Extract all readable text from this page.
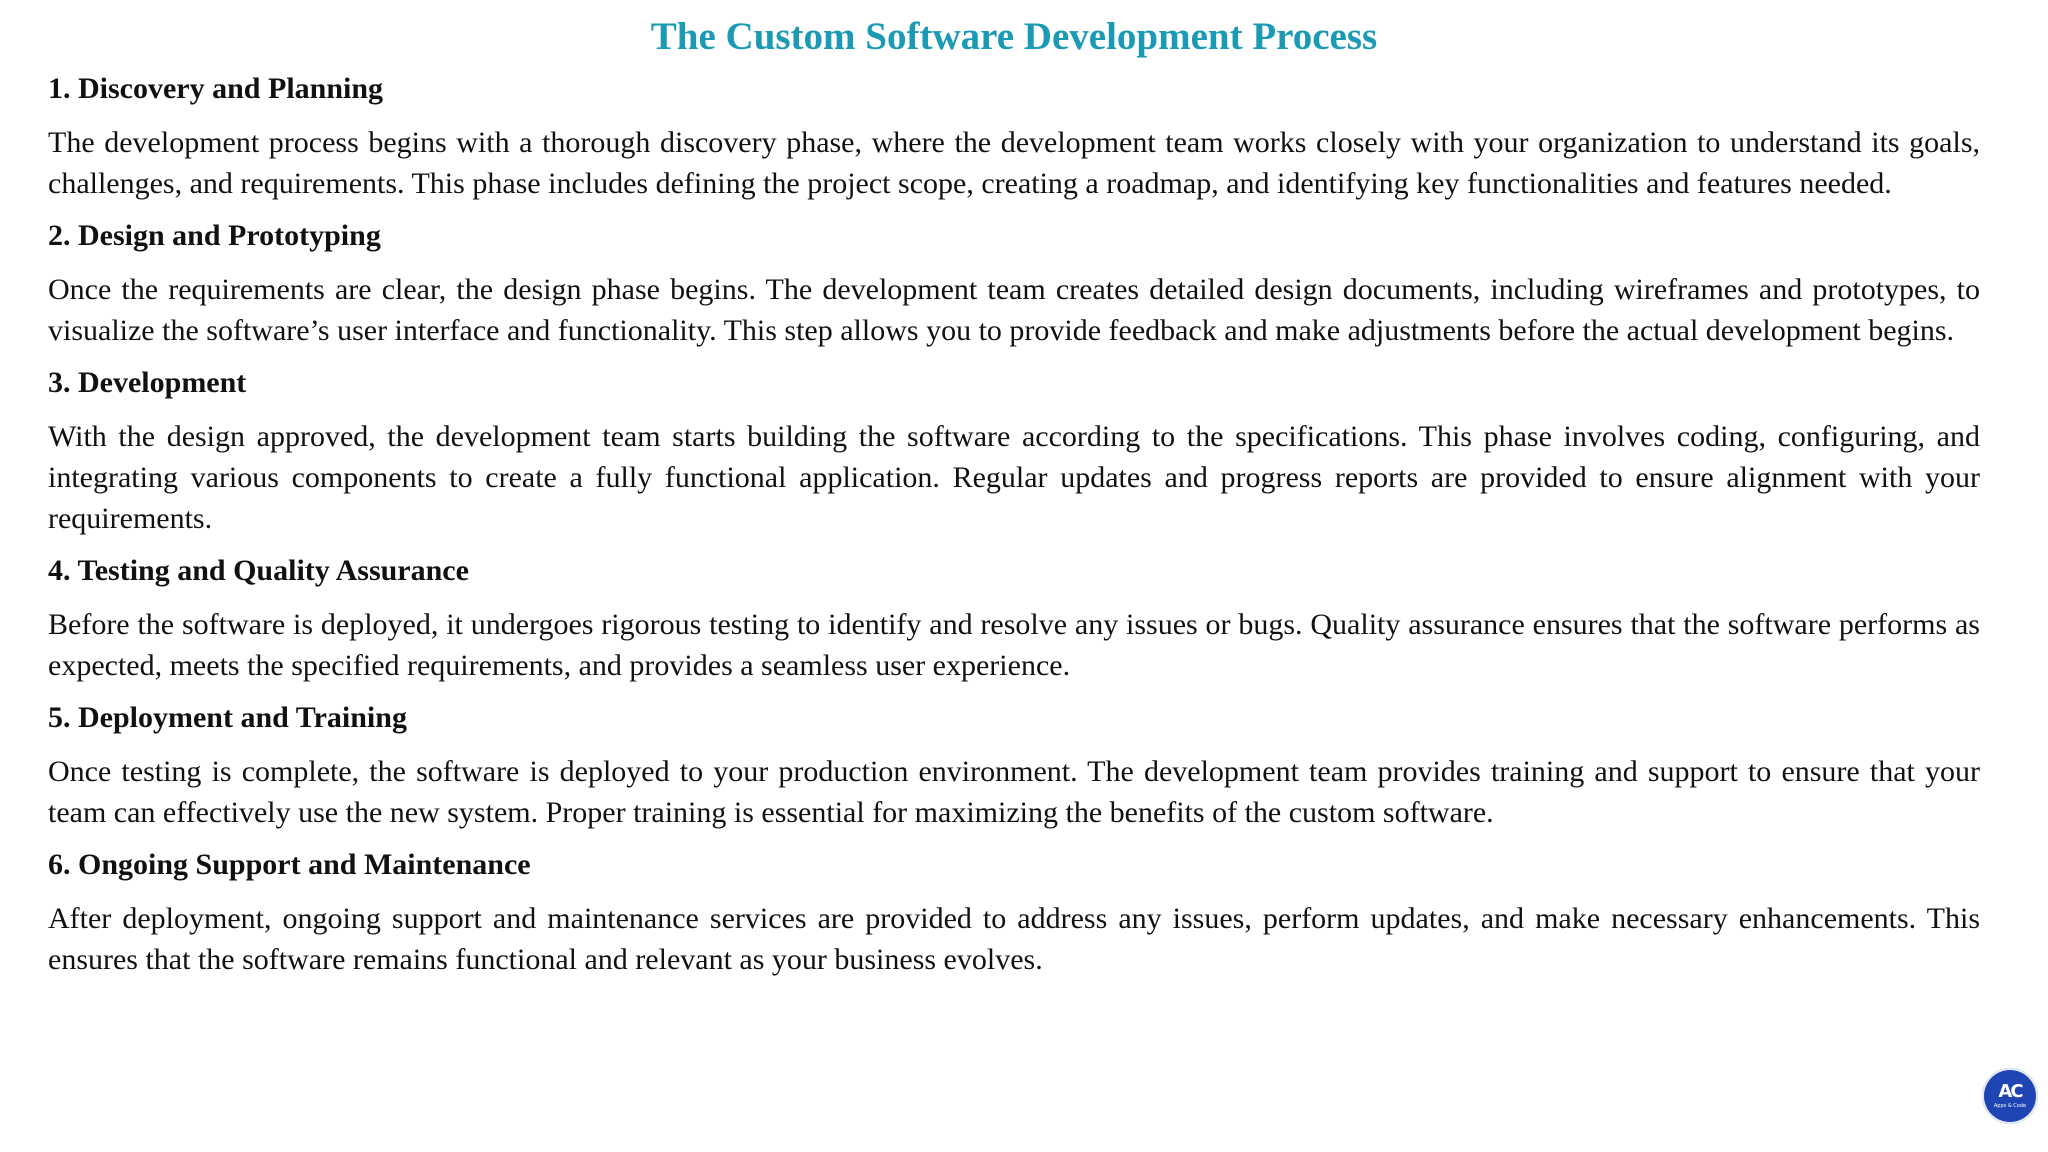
The Custom Software Development Process
1. Discovery and Planning

The development process begins with a thorough discovery phase, where the development team works closely with your organization to understand its goals, challenges, and requirements. This phase includes defining the project scope, creating a roadmap, and identifying key functionalities and features needed.

2. Design and Prototyping

Once the requirements are clear, the design phase begins. The development team creates detailed design documents, including wireframes and prototypes, to visualize the software’s user interface and functionality. This step allows you to provide feedback and make adjustments before the actual development begins.

3. Development

With the design approved, the development team starts building the software according to the specifications. This phase involves coding, configuring, and integrating various components to create a fully functional application. Regular updates and progress reports are provided to ensure alignment with your requirements.

4. Testing and Quality Assurance

Before the software is deployed, it undergoes rigorous testing to identify and resolve any issues or bugs. Quality assurance ensures that the software performs as expected, meets the specified requirements, and provides a seamless user experience.

5. Deployment and Training

Once testing is complete, the software is deployed to your production environment. The development team provides training and support to ensure that your team can effectively use the new system. Proper training is essential for maximizing the benefits of the custom software.

6. Ongoing Support and Maintenance

After deployment, ongoing support and maintenance services are provided to address any issues, perform updates, and make necessary enhancements. This ensures that the software remains functional and relevant as your business evolves.

AC
Apps & Code
